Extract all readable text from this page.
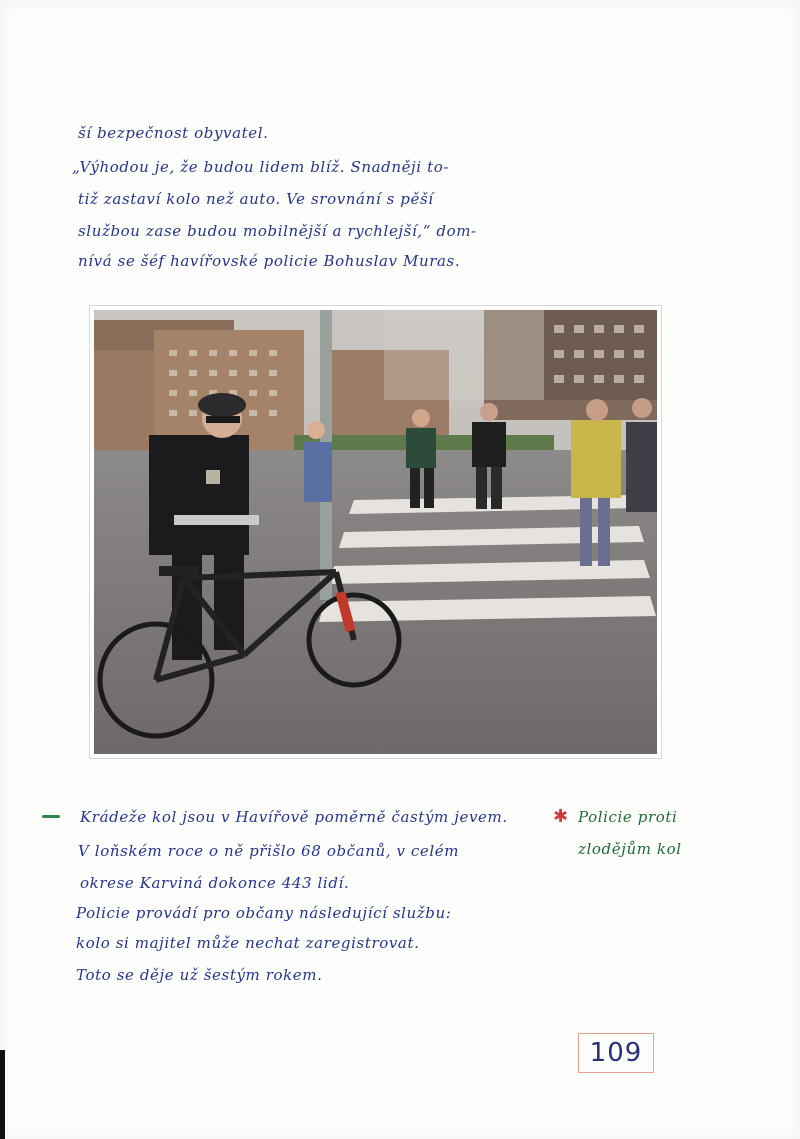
ší bezpečnost obyvatel.
„Výhodou je, že budou lidem blíž. Snadněji to-
tiž zastaví kolo než auto. Ve srovnání s pěší
službou zase budou mobilnější a rychlejší,“ dom-
nívá se šéf havířovské policie Bohuslav Muras.
Krádeže kol jsou v Havířově poměrně častým jevem.
V loňském roce o ně přišlo 68 občanů, v celém
okrese Karviná dokonce 443 lidí.
Policie provádí pro občany následující službu:
kolo si majitel může nechat zaregistrovat.
Toto se děje už šestým rokem.
✱ Policie proti
zlodějům kol
109
